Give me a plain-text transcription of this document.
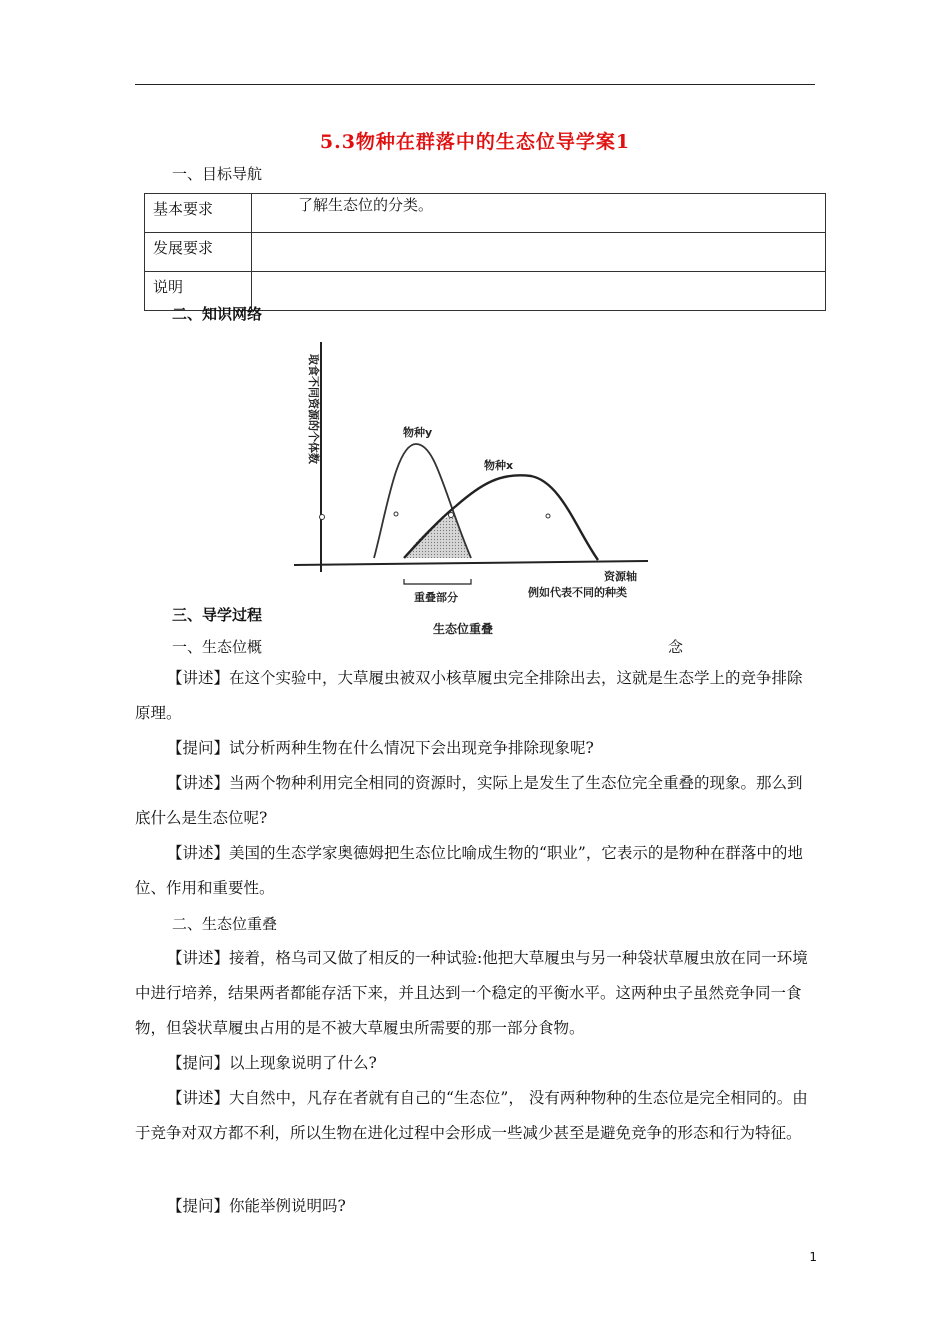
5.3物种在群落中的生态位导学案1
一、目标导航
基本要求	了解生态位的分类。
发展要求	
说明	
二、知识网络
取食不同资源的个体数	物种y
物种x
资源轴
例如代表不同的种类
重叠部分
生态位重叠
三、导学过程
一、生态位概	念
【讲述】在这个实验中，大草履虫被双小核草履虫完全排除出去，这就是生态学上的竞争排除原理。
【提问】试分析两种生物在什么情况下会出现竞争排除现象呢?
【讲述】当两个物种利用完全相同的资源时，实际上是发生了生态位完全重叠的现象。那么到底什么是生态位呢?
【讲述】美国的生态学家奥德姆把生态位比喻成生物的“职业”，它表示的是物种在群落中的地位、作用和重要性。
二、生态位重叠
【讲述】接着，格乌司又做了相反的一种试验:他把大草履虫与另一种袋状草履虫放在同一环境中进行培养，结果两者都能存活下来，并且达到一个稳定的平衡水平。这两种虫子虽然竞争同一食物，但袋状草履虫占用的是不被大草履虫所需要的那一部分食物。
【提问】以上现象说明了什么?
【讲述】大自然中，凡存在者就有自己的“生态位”， 没有两种物种的生态位是完全相同的。由于竞争对双方都不利，所以生物在进化过程中会形成一些减少甚至是避免竞争的形态和行为特征。
【提问】你能举例说明吗?
1
